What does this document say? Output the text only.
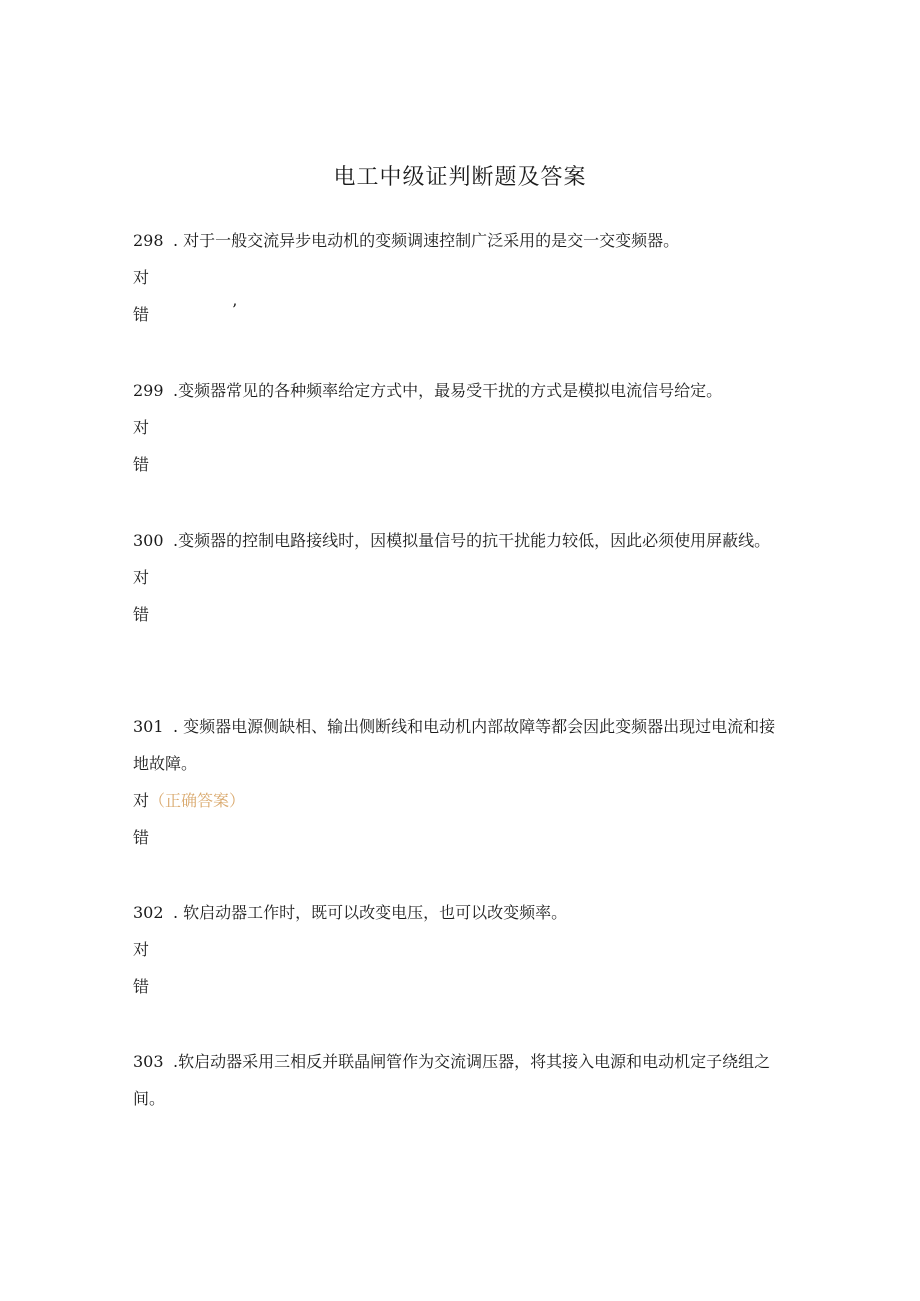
电工中级证判断题及答案

298 . 对于一般交流异步电动机的变频调速控制广泛采用的是交一交变频器。

对
错	’

299 .变频器常见的各种频率给定方式中，最易受干扰的方式是模拟电流信号给定。

对
错

300 .变频器的控制电路接线时，因模拟量信号的抗干扰能力较低，因此必须使用屏蔽线。

对
错

301 . 变频器电源侧缺相、输出侧断线和电动机内部故障等都会因此变频器出现过电流和接地故障。

对（正确答案）
错

302 . 软启动器工作时，既可以改变电压，也可以改变频率。

对
错

303 .软启动器采用三相反并联晶闸管作为交流调压器，将其接入电源和电动机定子绕组之间。
